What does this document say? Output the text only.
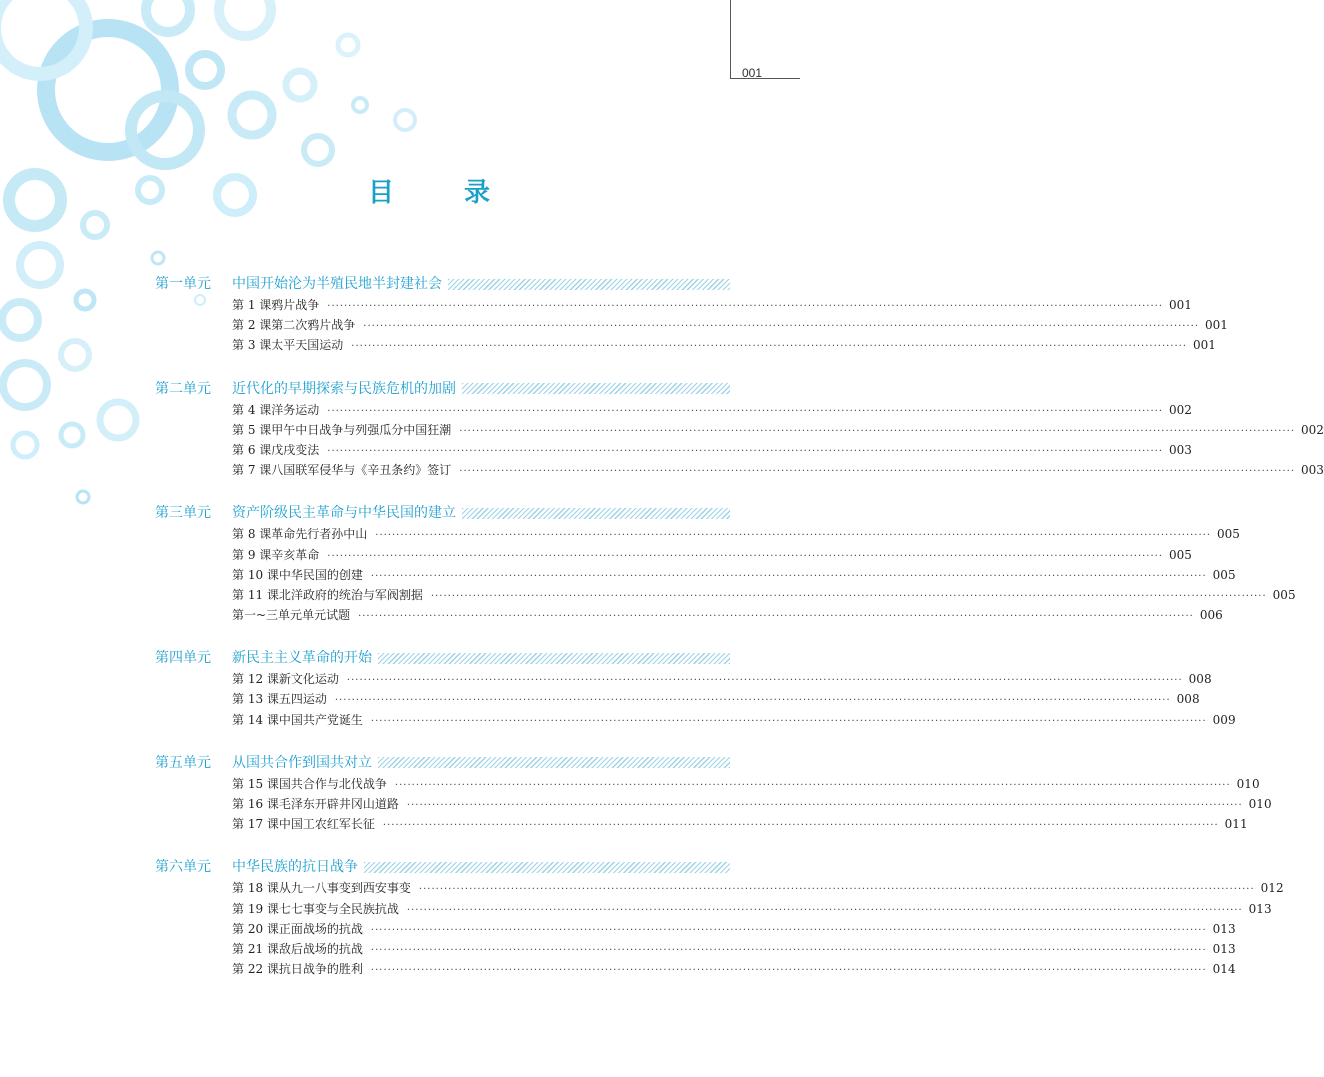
001
目　录
第一单元	中国开始沦为半殖民地半封建社会
第 1 课 鸦片战争 ········································································································································································································ 001
第 2 课 第二次鸦片战争 ········································································································································································································ 001
第 3 课 太平天国运动 ········································································································································································································ 001
第二单元	近代化的早期探索与民族危机的加剧
第 4 课 洋务运动 ········································································································································································································ 002
第 5 课 甲午中日战争与列强瓜分中国狂潮 ········································································································································································································ 002
第 6 课 戊戌变法 ········································································································································································································ 003
第 7 课 八国联军侵华与《辛丑条约》签订 ········································································································································································································ 003
第三单元	资产阶级民主革命与中华民国的建立
第 8 课 革命先行者孙中山 ········································································································································································································ 005
第 9 课 辛亥革命 ········································································································································································································ 005
第 10 课 中华民国的创建 ········································································································································································································ 005
第 11 课 北洋政府的统治与军阀割据 ········································································································································································································ 005
第一~三单元 单元试题 ········································································································································································································ 006
第四单元	新民主主义革命的开始
第 12 课 新文化运动 ········································································································································································································ 008
第 13 课 五四运动 ········································································································································································································ 008
第 14 课 中国共产党诞生 ········································································································································································································ 009
第五单元	从国共合作到国共对立
第 15 课 国共合作与北伐战争 ········································································································································································································ 010
第 16 课 毛泽东开辟井冈山道路 ········································································································································································································ 010
第 17 课 中国工农红军长征 ········································································································································································································ 011
第六单元	中华民族的抗日战争
第 18 课 从九一八事变到西安事变 ········································································································································································································ 012
第 19 课 七七事变与全民族抗战 ········································································································································································································ 013
第 20 课 正面战场的抗战 ········································································································································································································ 013
第 21 课 敌后战场的抗战 ········································································································································································································ 013
第 22 课 抗日战争的胜利 ········································································································································································································ 014
